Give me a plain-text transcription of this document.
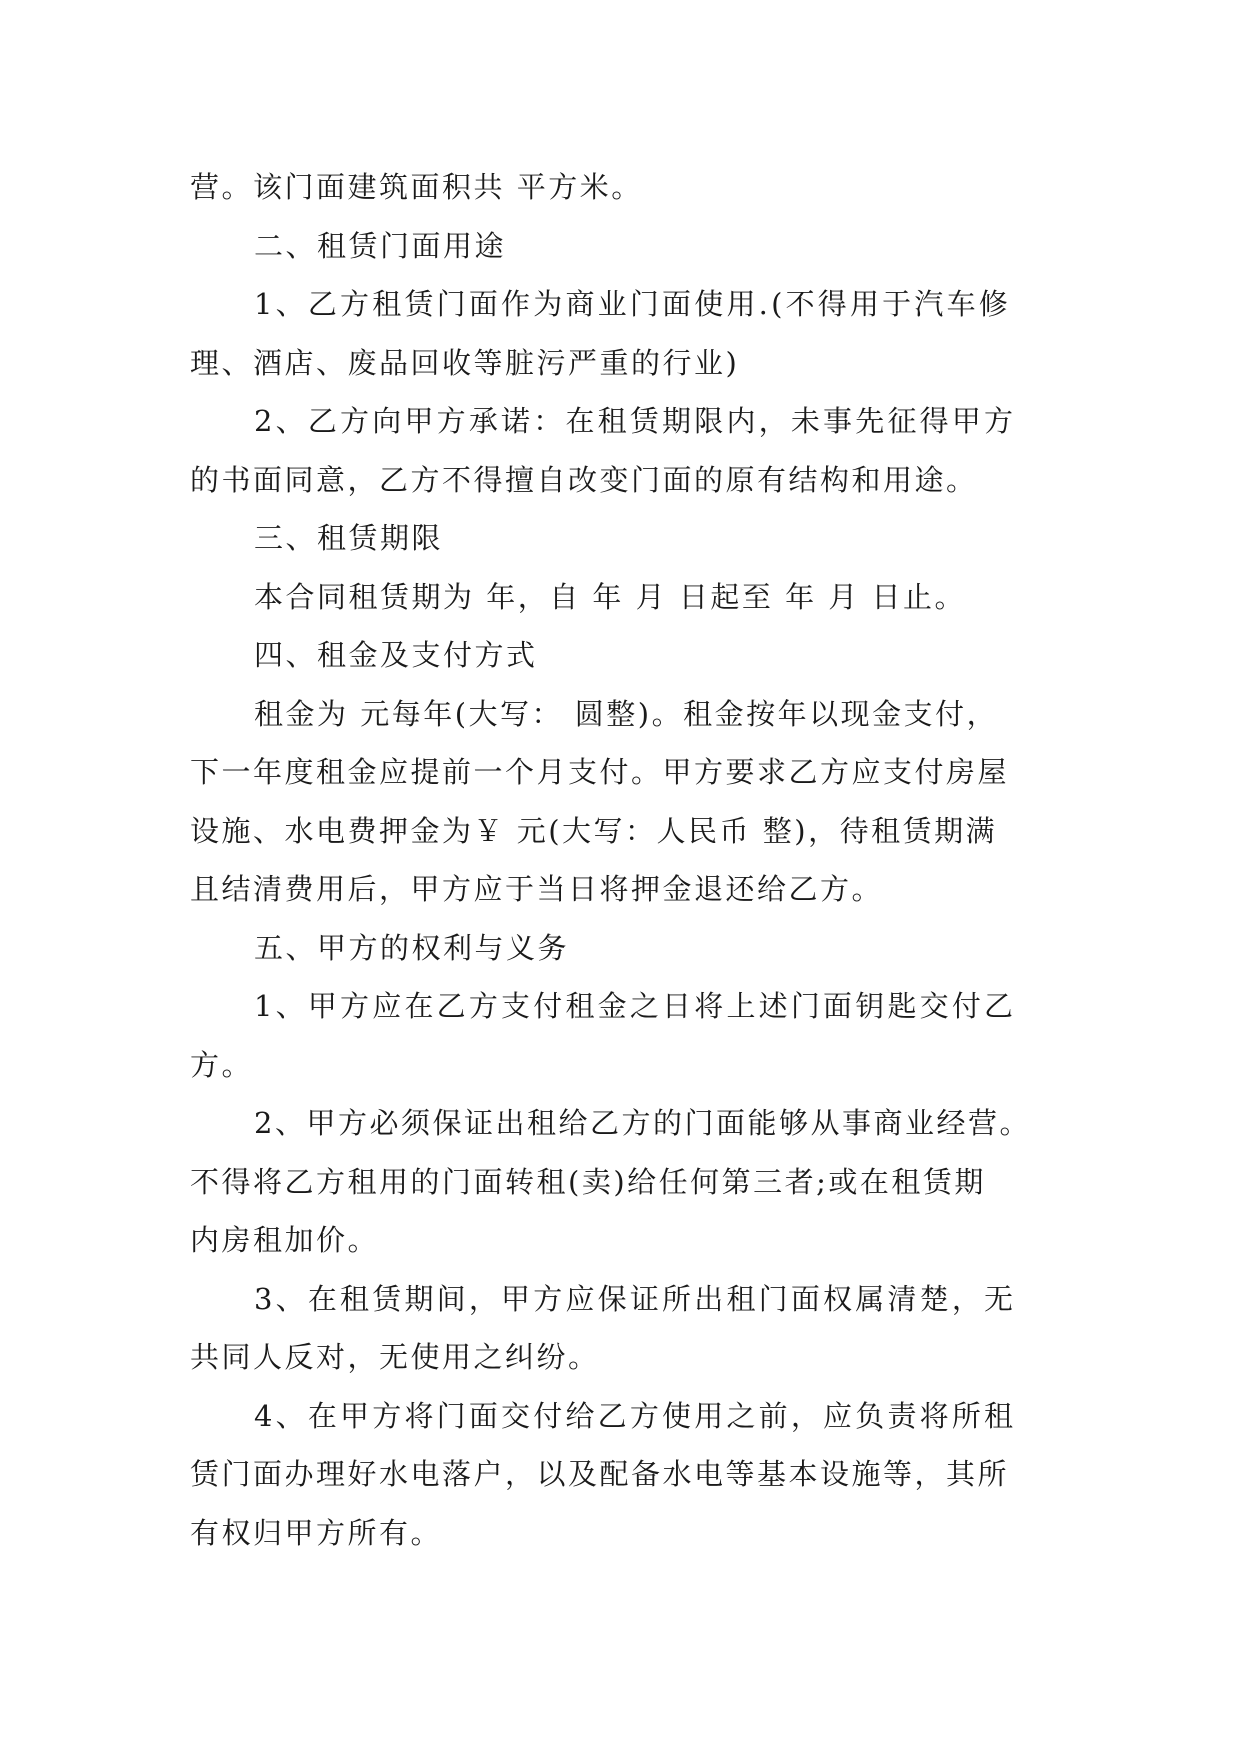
营。该门面建筑面积共 平方米。
二、租赁门面用途
1、乙方租赁门面作为商业门面使用.(不得用于汽车修
理、酒店、废品回收等脏污严重的行业)
2、乙方向甲方承诺：在租赁期限内，未事先征得甲方
的书面同意，乙方不得擅自改变门面的原有结构和用途。
三、租赁期限
本合同租赁期为 年，自 年 月 日起至 年 月 日止。
四、租金及支付方式
租金为 元每年(大写： 圆整)。租金按年以现金支付，
下一年度租金应提前一个月支付。甲方要求乙方应支付房屋
设施、水电费押金为￥ 元(大写：人民币 整)，待租赁期满
且结清费用后，甲方应于当日将押金退还给乙方。
五、甲方的权利与义务
1、甲方应在乙方支付租金之日将上述门面钥匙交付乙
方。
2、甲方必须保证出租给乙方的门面能够从事商业经营。
不得将乙方租用的门面转租(卖)给任何第三者;或在租赁期
内房租加价。
3、在租赁期间，甲方应保证所出租门面权属清楚，无
共同人反对，无使用之纠纷。
4、在甲方将门面交付给乙方使用之前，应负责将所租
赁门面办理好水电落户，以及配备水电等基本设施等，其所
有权归甲方所有。
